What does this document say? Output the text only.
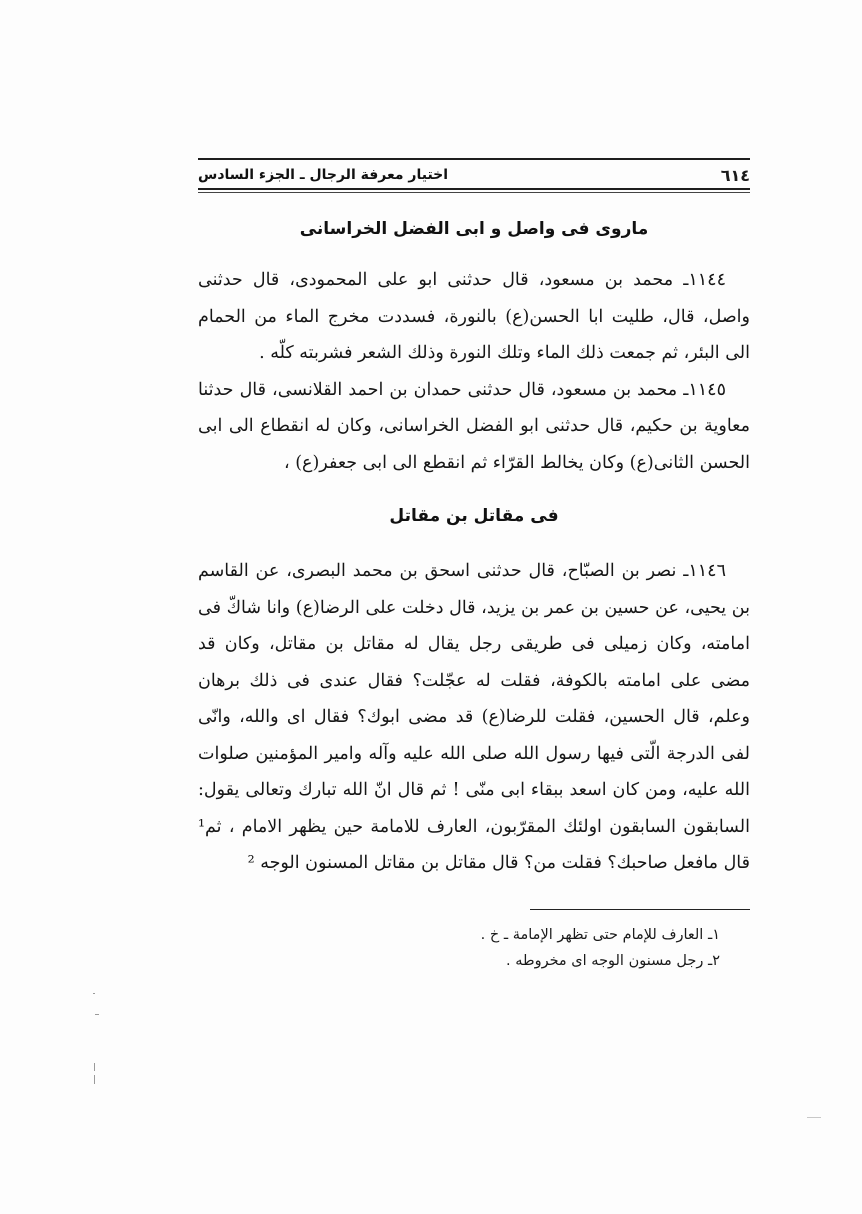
٦١٤
اختيار معرفة الرجال ـ الجزء السادس
ماروى فى واصل و ابى الفضل الخراسانى

١١٤٤ـ محمد بن مسعود، قال حدثنى ابو على المحمودى، قال حدثنى واصل، قال، طليت ابا الحسن(ع) بالنورة، فسددت مخرج الماء من الحمام الى البئر، ثم جمعت ذلك الماء وتلك النورة وذلك الشعر فشربته كلّه .

١١٤٥ـ محمد بن مسعود، قال حدثنى حمدان بن احمد القلانسى، قال حدثنا معاوية بن حكيم، قال حدثنى ابو الفضل الخراسانى، وكان له انقطاع الى ابى الحسن الثانى(ع) وكان يخالط القرّاء ثم انقطع الى ابى جعفر(ع) ،

فى مقاتل بن مقاتل

١١٤٦ـ نصر بن الصبّاح، قال حدثنى اسحق بن محمد البصرى، عن القاسم بن يحيى، عن حسين بن عمر بن يزيد، قال دخلت على الرضا(ع) وانا شاكّ فى امامته، وكان زميلى فى طريقى رجل يقال له مقاتل بن مقاتل، وكان قد مضى على امامته بالكوفة، فقلت له عجّلت؟ فقال عندى فى ذلك برهان وعلم، قال الحسين، فقلت للرضا(ع) قد مضى ابوك؟ فقال اى والله، وانّى لفى الدرجة الّتى فيها رسول الله صلى الله عليه وآله وامير المؤمنين صلوات الله عليه، ومن كان اسعد ببقاء ابى منّى ! ثم قال انّ الله تبارك وتعالى يقول: السابقون السابقون اولئك المقرّبون، العارف للامامة حين يظهر الامام ، ثم¹ قال مافعل صاحبك؟ فقلت من؟ قال مقاتل بن مقاتل المسنون الوجه ²

١ـ العارف للإمام حتى تظهر الإمامة ـ خ .

٢ـ رجل مسنون الوجه اى مخروطه .
